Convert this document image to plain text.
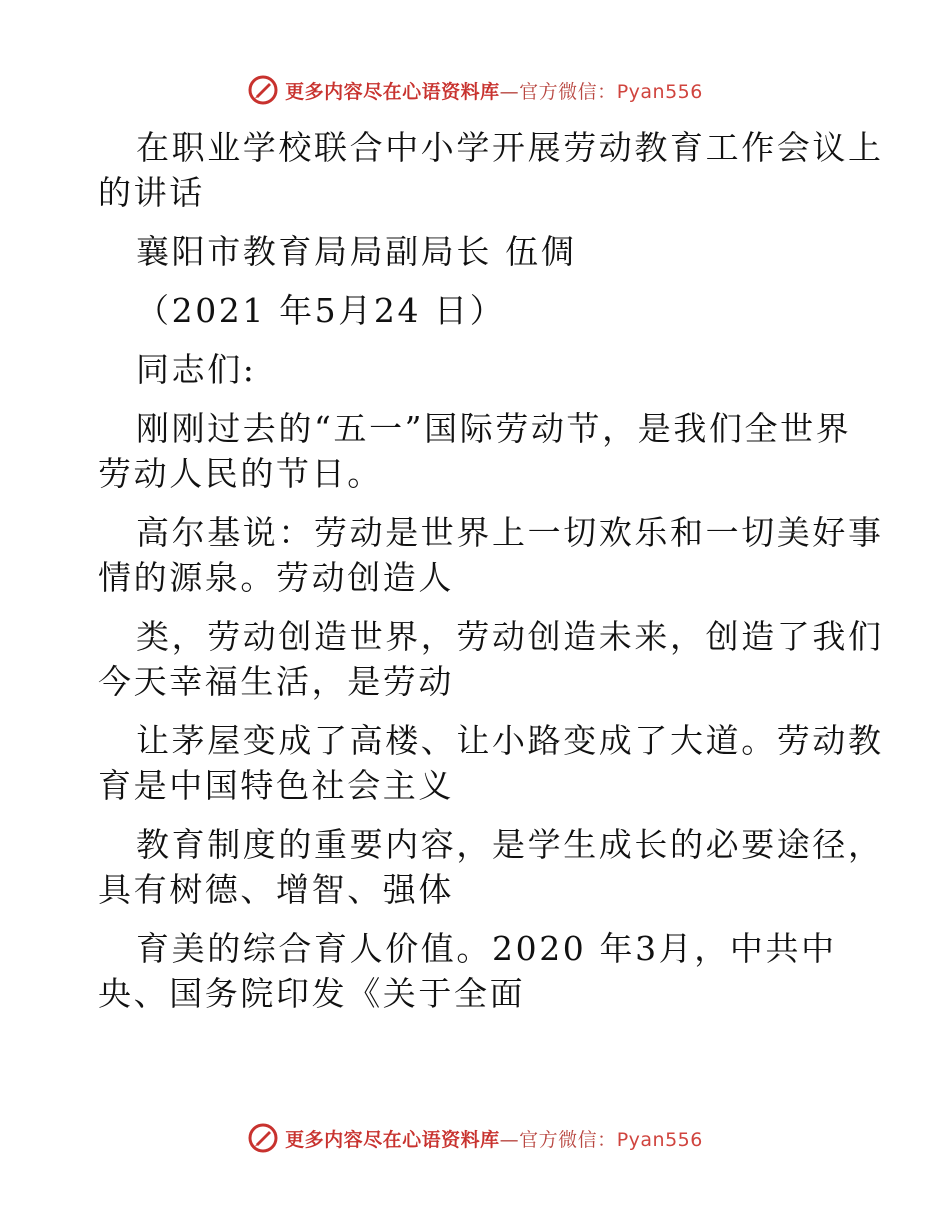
更多内容尽在心语资料库—官方微信：Pyan556
在职业学校联合中小学开展劳动教育工作会议上
的讲话
襄阳市教育局局副局长 伍倜
（2021 年5月24 日）
同志们:
刚刚过去的“五一”国际劳动节，是我们全世界
劳动人民的节日。
高尔基说：劳动是世界上一切欢乐和一切美好事
情的源泉。劳动创造人
类，劳动创造世界，劳动创造未来，创造了我们
今天幸福生活，是劳动
让茅屋变成了高楼、让小路变成了大道。劳动教
育是中国特色社会主义
教育制度的重要内容，是学生成长的必要途径，
具有树德、增智、强体
育美的综合育人价值。2020 年3月，中共中
央、国务院印发《关于全面
更多内容尽在心语资料库—官方微信：Pyan556
